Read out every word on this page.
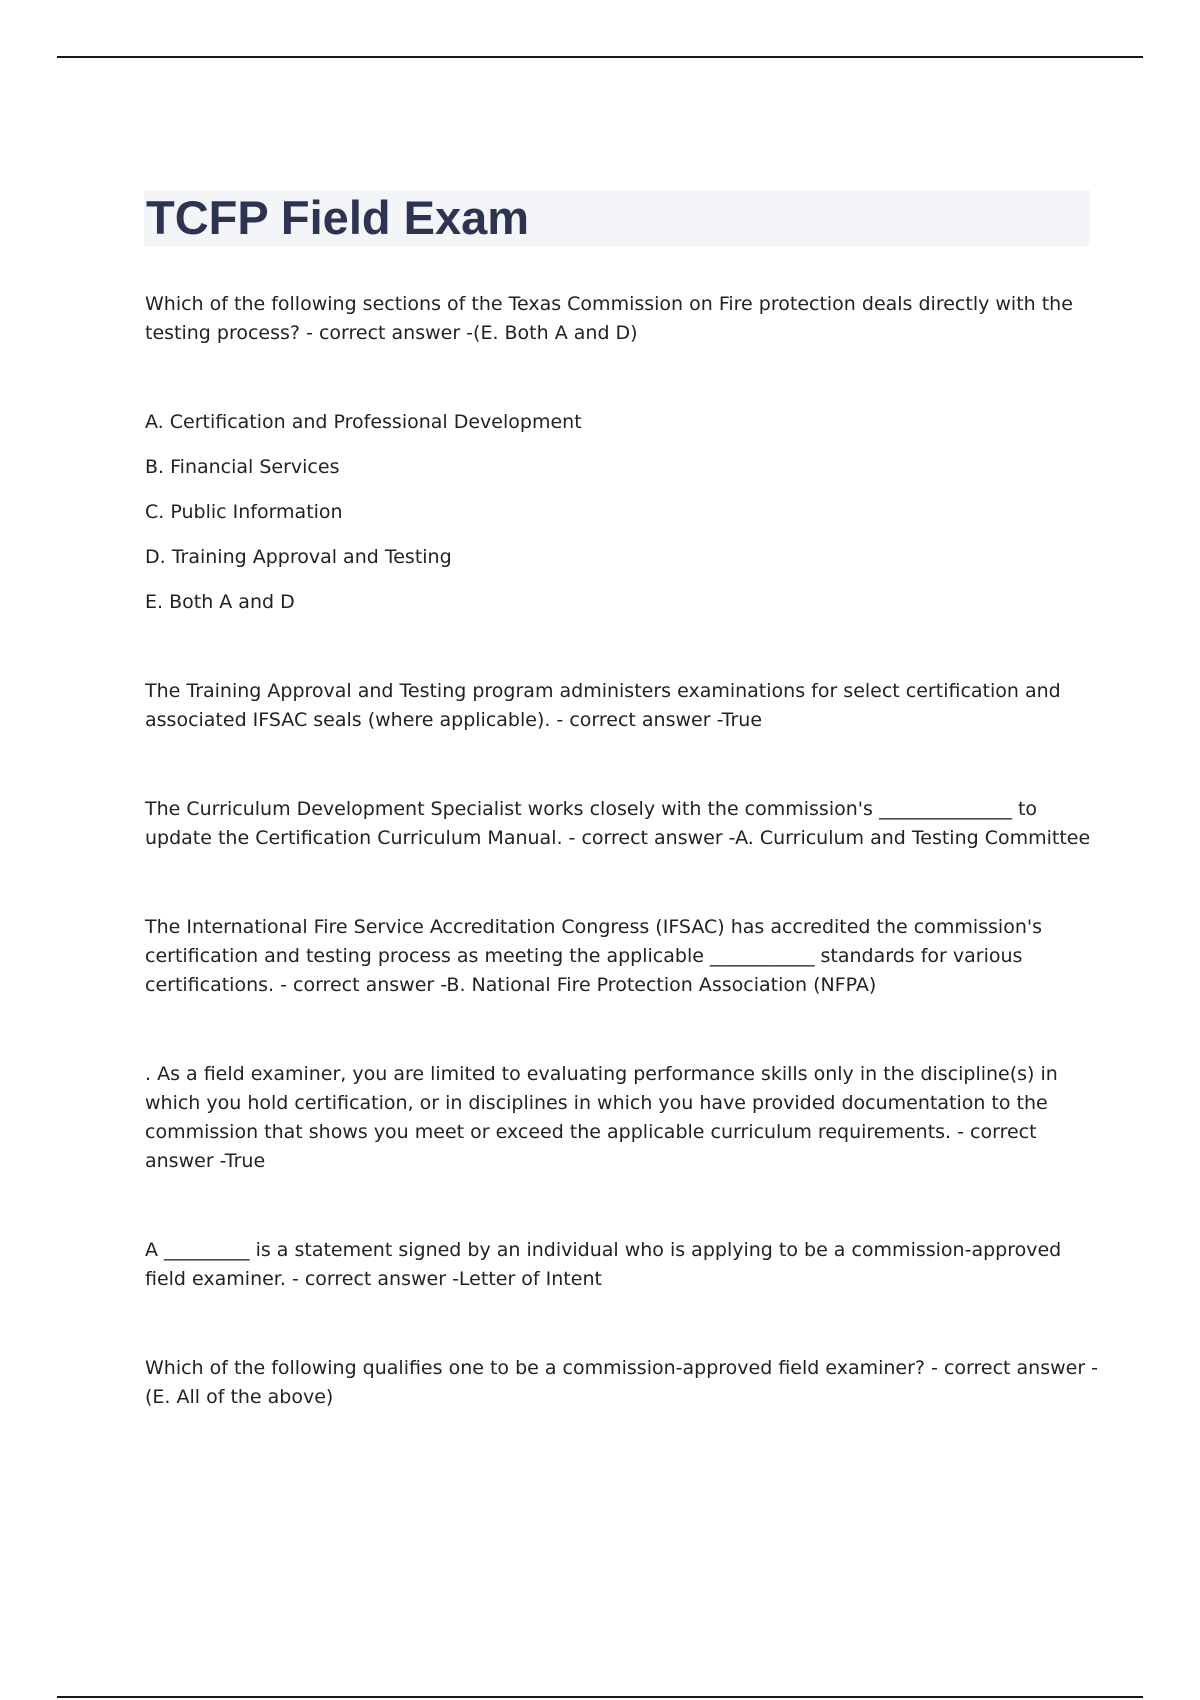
TCFP Field Exam

Which of the following sections of the Texas Commission on Fire protection deals directly with the testing process? - correct answer -(E. Both A and D)

A. Certification and Professional Development
B. Financial Services
C. Public Information
D. Training Approval and Testing
E. Both A and D

The Training Approval and Testing program administers examinations for select certification and associated IFSAC seals (where applicable). - correct answer -True

The Curriculum Development Specialist works closely with the commission's ______________ to update the Certification Curriculum Manual. - correct answer -A. Curriculum and Testing Committee

The International Fire Service Accreditation Congress (IFSAC) has accredited the commission's certification and testing process as meeting the applicable ___________ standards for various certifications. - correct answer -B. National Fire Protection Association (NFPA)

. As a field examiner, you are limited to evaluating performance skills only in the discipline(s) in which you hold certification, or in disciplines in which you have provided documentation to the commission that shows you meet or exceed the applicable curriculum requirements. - correct answer -True

A _________ is a statement signed by an individual who is applying to be a commission-approved field examiner. - correct answer -Letter of Intent

Which of the following qualifies one to be a commission-approved field examiner? - correct answer -(E. All of the above)
